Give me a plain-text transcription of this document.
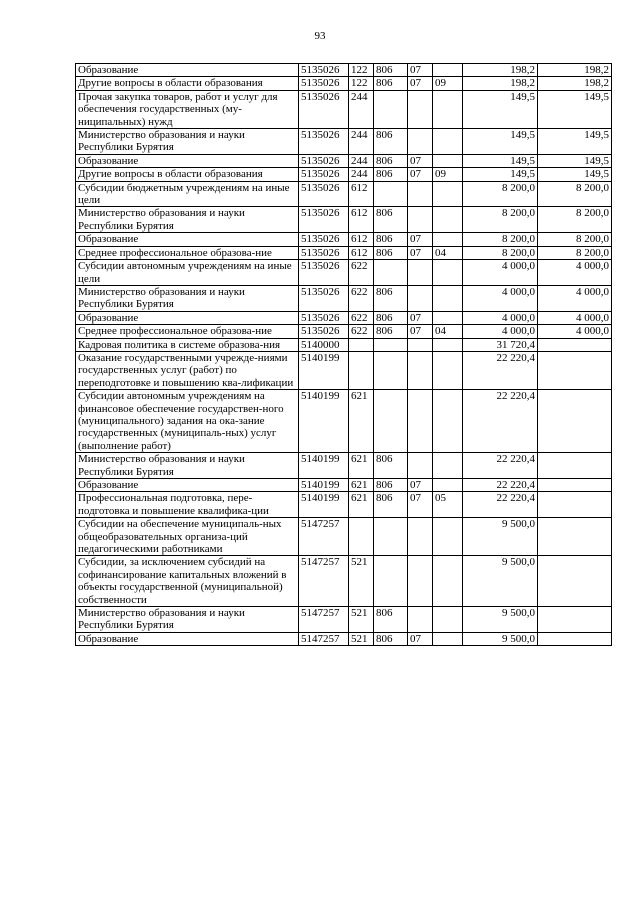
93
Образование	5135026	122	806	07		198,2	198,2
Другие вопросы в области образования	5135026	122	806	07	09	198,2	198,2
Прочая закупка товаров, работ и услуг для обеспечения государственных (му-ниципальных) нужд	5135026	244				149,5	149,5
Министерство образования и науки Республики Бурятия	5135026	244	806			149,5	149,5
Образование	5135026	244	806	07		149,5	149,5
Другие вопросы в области образования	5135026	244	806	07	09	149,5	149,5
Субсидии бюджетным учреждениям на иные цели	5135026	612				8 200,0	8 200,0
Министерство образования и науки Республики Бурятия	5135026	612	806			8 200,0	8 200,0
Образование	5135026	612	806	07		8 200,0	8 200,0
Среднее профессиональное образова-ние	5135026	612	806	07	04	8 200,0	8 200,0
Субсидии автономным учреждениям на иные цели	5135026	622				4 000,0	4 000,0
Министерство образования и науки Республики Бурятия	5135026	622	806			4 000,0	4 000,0
Образование	5135026	622	806	07		4 000,0	4 000,0
Среднее профессиональное образова-ние	5135026	622	806	07	04	4 000,0	4 000,0
Кадровая политика в системе образова-ния	5140000					31 720,4	
Оказание государственными учрежде-ниями государственных услуг (работ) по переподготовке и повышению ква-лификации	5140199					22 220,4	
Субсидии автономным учреждениям на финансовое обеспечение государствен-ного (муниципального) задания на ока-зание государственных (муниципаль-ных) услуг (выполнение работ)	5140199	621				22 220,4	
Министерство образования и науки Республики Бурятия	5140199	621	806			22 220,4	
Образование	5140199	621	806	07		22 220,4	
Профессиональная подготовка, пере-подготовка и повышение квалифика-ции	5140199	621	806	07	05	22 220,4	
Субсидии на обеспечение муниципаль-ных общеобразовательных организа-ций педагогическими работниками	5147257					9 500,0	
Субсидии, за исключением субсидий на софинансирование капитальных вложений в объекты государственной (муниципальной) собственности	5147257	521				9 500,0	
Министерство образования и науки Республики Бурятия	5147257	521	806			9 500,0	
Образование	5147257	521	806	07		9 500,0	
